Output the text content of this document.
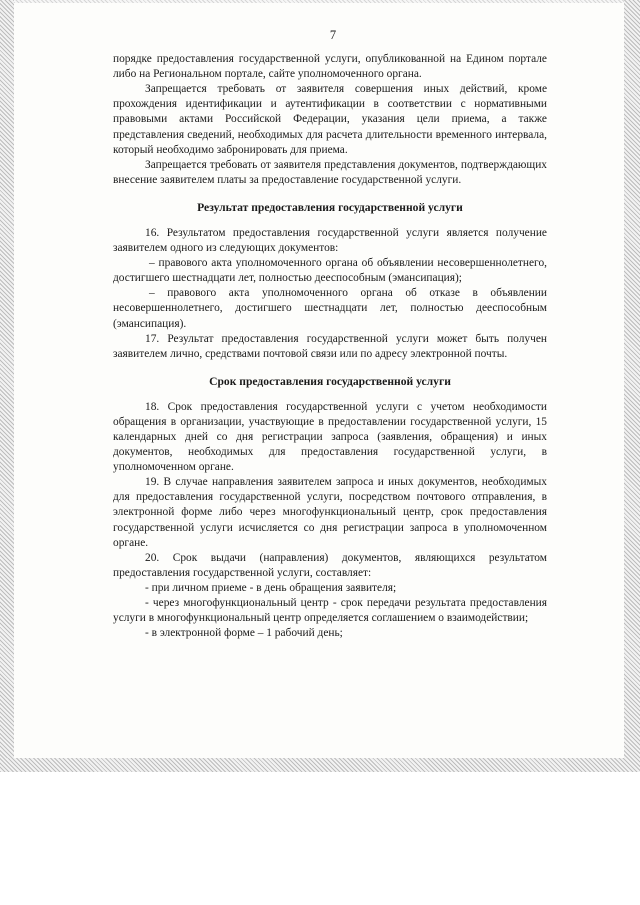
7

порядке предоставления государственной услуги, опубликованной на Едином портале либо на Региональном портале, сайте уполномоченного органа.

Запрещается требовать от заявителя совершения иных действий, кроме прохождения идентификации и аутентификации в соответствии с нормативными правовыми актами Российской Федерации, указания цели приема, а также представления сведений, необходимых для расчета длительности временного интервала, который необходимо забронировать для приема.

Запрещается требовать от заявителя представления документов, подтверждающих внесение заявителем платы за предоставление государственной услуги.

Результат предоставления государственной услуги

16. Результатом предоставления государственной услуги является получение заявителем одного из следующих документов:

– правового акта уполномоченного органа об объявлении несовершеннолетнего, достигшего шестнадцати лет, полностью дееспособным (эмансипация);

– правового акта уполномоченного органа об отказе в объявлении несовершеннолетнего, достигшего шестнадцати лет, полностью дееспособным (эмансипация).

17. Результат предоставления государственной услуги может быть получен заявителем лично, средствами почтовой связи или по адресу электронной почты.

Срок предоставления государственной услуги

18. Срок предоставления государственной услуги с учетом необходимости обращения в организации, участвующие в предоставлении государственной услуги, 15 календарных дней со дня регистрации запроса (заявления, обращения) и иных документов, необходимых для предоставления государственной услуги, в уполномоченном органе.

19. В случае направления заявителем запроса и иных документов, необходимых для предоставления государственной услуги, посредством почтового отправления, в электронной форме либо через многофункциональный центр, срок предоставления государственной услуги исчисляется со дня регистрации запроса в уполномоченном органе.

20. Срок выдачи (направления) документов, являющихся результатом предоставления государственной услуги, составляет:

- при личном приеме - в день обращения заявителя;

- через многофункциональный центр - срок передачи результата предоставления услуги в многофункциональный центр определяется соглашением о взаимодействии;

- в электронной форме – 1 рабочий день;
